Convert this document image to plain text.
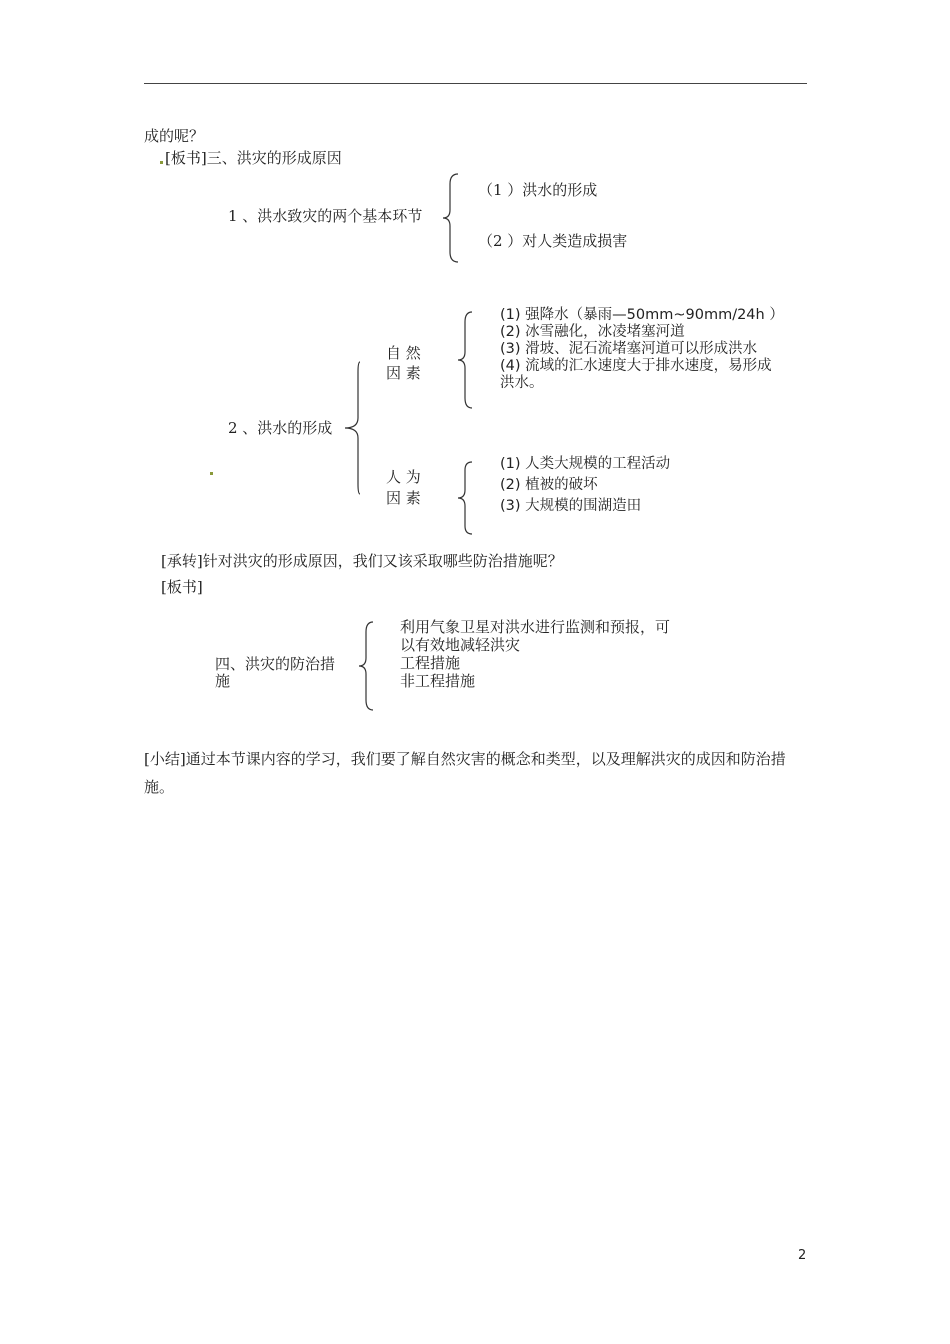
成的呢？
[板书]三、洪灾的形成原因
1 、洪水致灾的两个基本环节
（1 ）洪水的形成
（2 ）对人类造成损害
2 、洪水的形成
自 然
因 素
(1) 强降水（暴雨—50mm~90mm/24h ）
(2) 冰雪融化，冰凌堵塞河道
(3) 滑坡、泥石流堵塞河道可以形成洪水
(4) 流域的汇水速度大于排水速度，易形成
洪水。
人 为
因 素
(1) 人类大规模的工程活动
(2) 植被的破坏
(3) 大规模的围湖造田
[承转]针对洪灾的形成原因，我们又该采取哪些防治措施呢？
[板书]
四、洪灾的防治措
施
利用气象卫星对洪水进行监测和预报，可
以有效地减轻洪灾
工程措施
非工程措施
[小结]通过本节课内容的学习，我们要了解自然灾害的概念和类型，以及理解洪灾的成因和防治措施。
2
